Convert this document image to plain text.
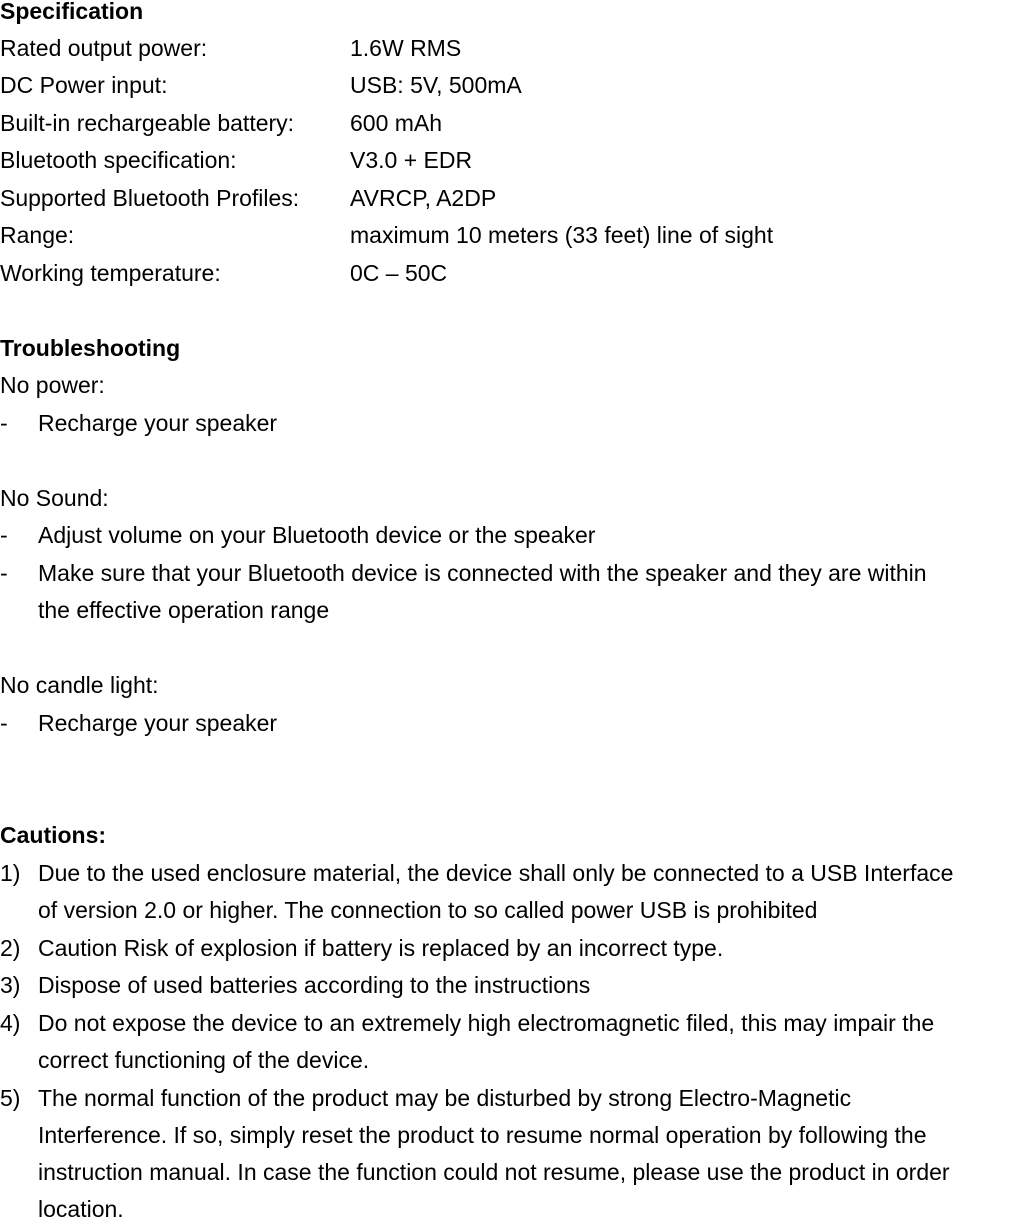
Specification
Rated output power:	1.6W RMS
DC Power input:	USB: 5V, 500mA
Built-in rechargeable battery: 600 mAh
Bluetooth specification:	V3.0 + EDR
Supported Bluetooth Profiles: AVRCP, A2DP
Range:	maximum 10 meters (33 feet) line of sight
Working temperature:	0C – 50C
Troubleshooting
No power:
- Recharge your speaker
No Sound:
- Adjust volume on your Bluetooth device or the speaker
- Make sure that your Bluetooth device is connected with the speaker and they are within
the effective operation range
No candle light:
- Recharge your speaker
Cautions:
1) Due to the used enclosure material, the device shall only be connected to a USB Interface
of version 2.0 or higher. The connection to so called power USB is prohibited
2) Caution Risk of explosion if battery is replaced by an incorrect type.
3) Dispose of used batteries according to the instructions
4) Do not expose the device to an extremely high electromagnetic filed, this may impair the
correct functioning of the device.
5) The normal function of the product may be disturbed by strong Electro-Magnetic
Interference. If so, simply reset the product to resume normal operation by following the
instruction manual. In case the function could not resume, please use the product in order
location.
